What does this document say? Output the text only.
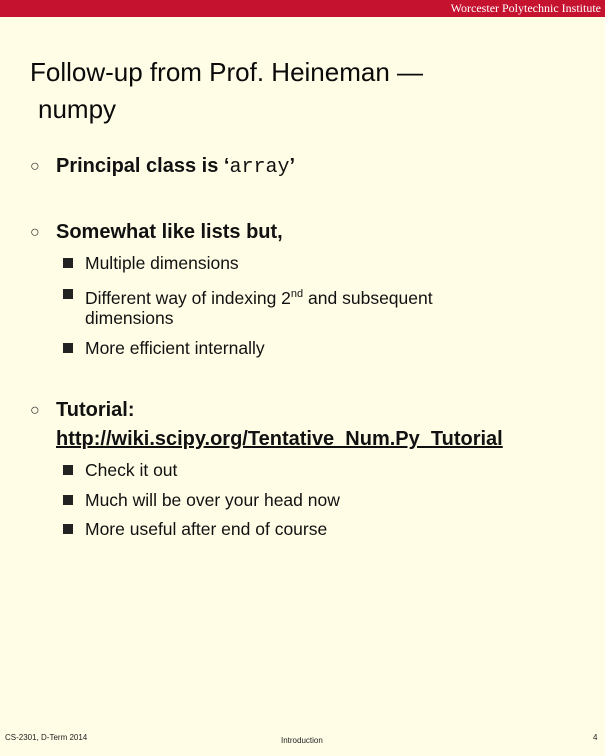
Worcester Polytechnic Institute
Follow-up from Prof. Heineman —
numpy
○ Principal class is ‘array’
○ Somewhat like lists but,
Multiple dimensions
Different way of indexing 2nd and subsequent
dimensions
More efficient internally
○ Tutorial:
http://wiki.scipy.org/Tentative_Num.Py_Tutorial
Check it out
Much will be over your head now
More useful after end of course
CS-2301, D-Term 2014	Introduction	4
